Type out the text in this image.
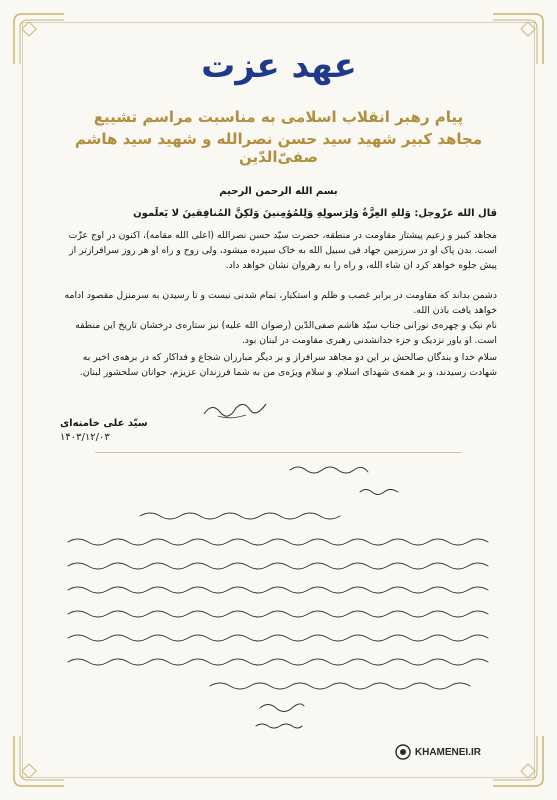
عهد عزت
پیام رهبر انقلاب اسلامی به مناسبت مراسم تشییع
مجاهد کبیر شهید سید حسن نصرالله و شهید سید هاشم صفیّ‌الدّین
بسم الله الرحمن الرحیم
قال الله عزّوجل: وَللهِ العِزَّةُ وَلِرَسولِهِ وَلِلمُؤمِنينَ وَلكِنَّ المُنافِقينَ لا يَعلَمون
مجاهد کبیر و زعیم پیشتاز مقاومت در منطقه، حضرت سیّد حسن نصرالله (اعلی الله مقامه)، اکنون در اوج عزّت است. بدن پاک او در سرزمین جهاد فی سبیل الله به خاک سپرده میشود، ولی روح و راه او هر روز سرافرازتر از پیش جلوه خواهد کرد ان شاء الله، و راه را به رهروان نشان خواهد داد.
دشمن بداند که مقاومت در برابر غصب و ظلم و استکبار، تمام شدنی نیست و تا رسیدن به سرمنزل مقصود ادامه خواهد یافت باذن الله.
نام نیک و چهره‌ی نورانی جناب سیّد هاشم صفی‌الدّین (رضوان الله علیه) نیز ستاره‌ی درخشان تاریخ این منطقه است. او یاور نزدیک و جزء جدانشدنی رهبری مقاومت در لبنان بود.
سلام خدا و بندگان صالحش بر این دو مجاهد سرافراز و بر دیگر مبارزان شجاع و فداکار که در برهه‌ی اخیر به شهادت رسیدند، و بر همه‌ی شهدای اسلام. و سلام ویژه‌ی من به شما فرزندان عزیزم، جوانان سلحشور لبنان.
سیّد علی خامنه‌ای
۱۴۰۳/۱۲/۰۳
KHAMENEI.IR
